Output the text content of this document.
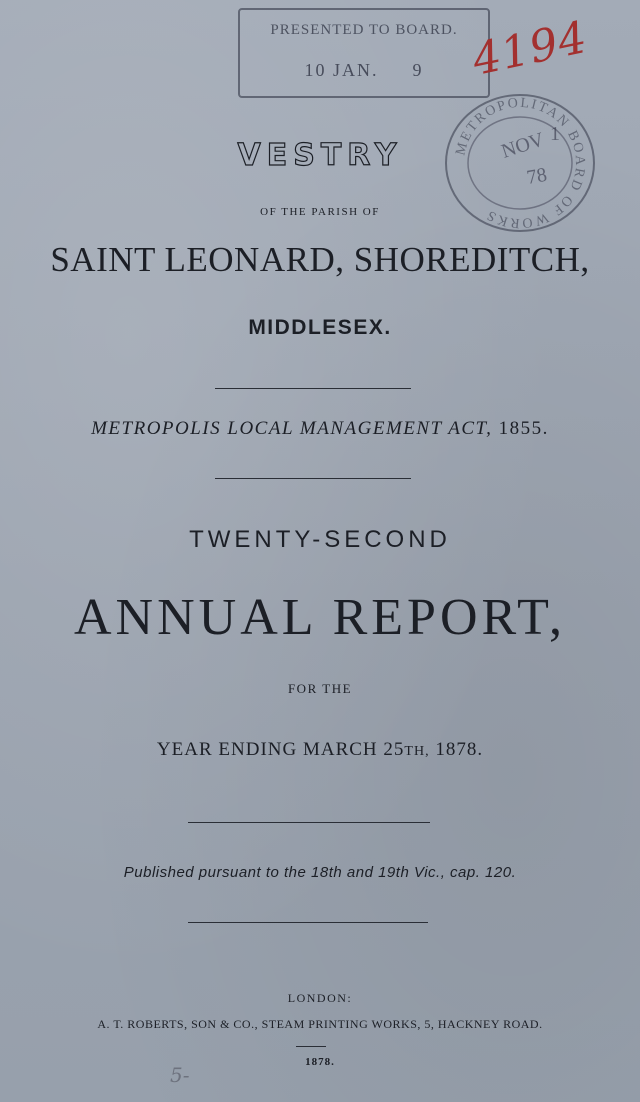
PRESENTED TO BOARD.
10 JAN. 9
METROPOLITAN BOARD OF WORKS
NOV 1
78
4194
VESTRY
OF THE PARISH OF
SAINT LEONARD, SHOREDITCH,
MIDDLESEX.
METROPOLIS LOCAL MANAGEMENT ACT, 1855.
TWENTY-SECOND
ANNUAL REPORT,
FOR THE
YEAR ENDING MARCH 25TH, 1878.
Published pursuant to the 18th and 19th Vic., cap. 120.
LONDON:
A. T. ROBERTS, SON & CO., STEAM PRINTING WORKS, 5, HACKNEY ROAD.
1878.
5-
